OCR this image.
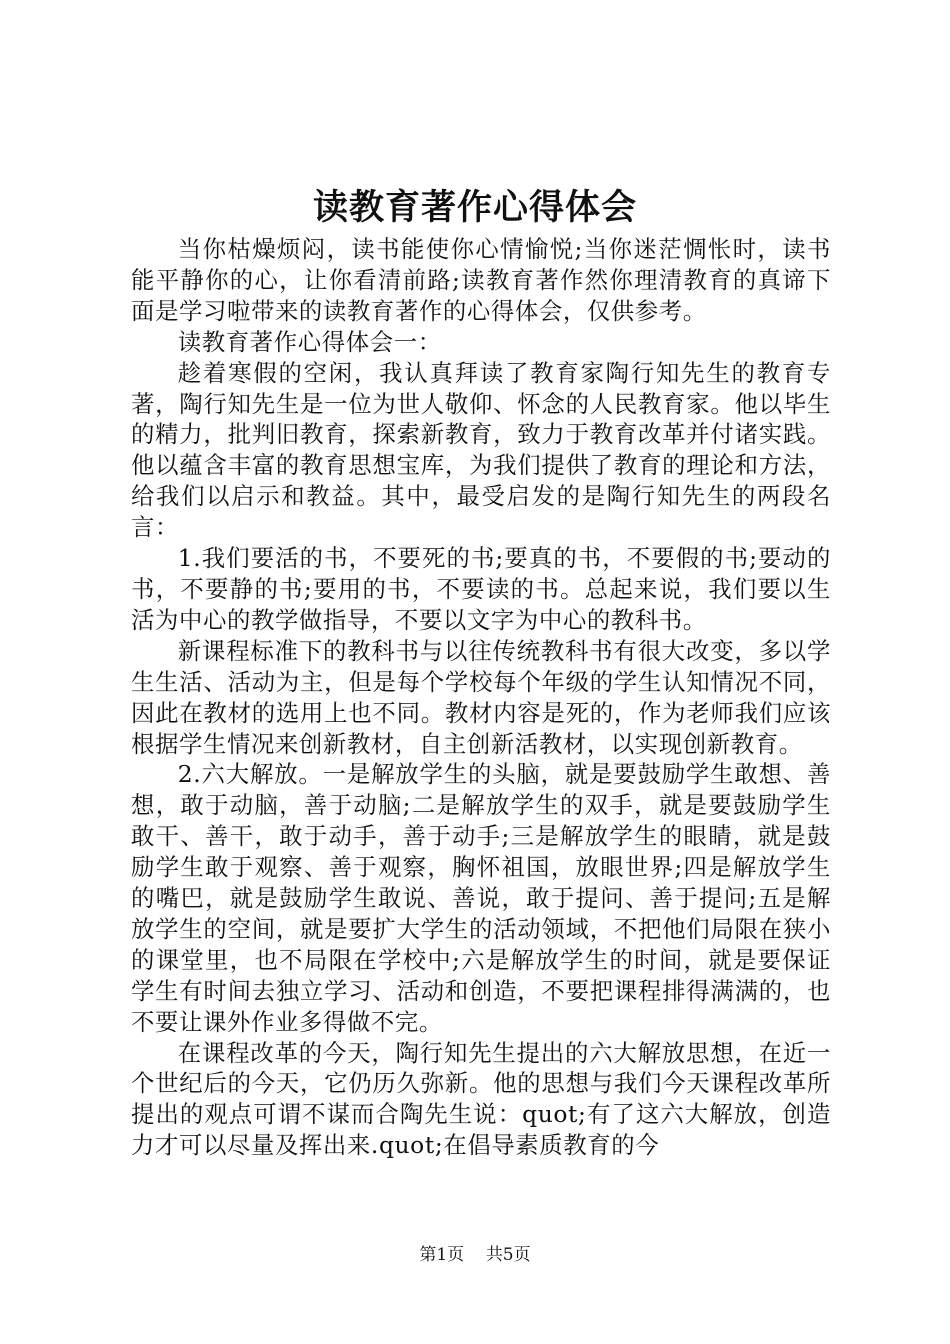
读教育著作心得体会

当你枯燥烦闷，读书能使你心情愉悦;当你迷茫惆怅时，读书能平静你的心，让你看清前路;读教育著作然你理清教育的真谛下面是学习啦带来的读教育著作的心得体会，仅供参考。

读教育著作心得体会一：

趁着寒假的空闲，我认真拜读了教育家陶行知先生的教育专著，陶行知先生是一位为世人敬仰、怀念的人民教育家。他以毕生的精力，批判旧教育，探索新教育，致力于教育改革并付诸实践。他以蕴含丰富的教育思想宝库，为我们提供了教育的理论和方法，给我们以启示和教益。其中，最受启发的是陶行知先生的两段名言：

1.我们要活的书，不要死的书;要真的书，不要假的书;要动的书，不要静的书;要用的书，不要读的书。总起来说，我们要以生活为中心的教学做指导，不要以文字为中心的教科书。

新课程标准下的教科书与以往传统教科书有很大改变，多以学生生活、活动为主，但是每个学校每个年级的学生认知情况不同，因此在教材的选用上也不同。教材内容是死的，作为老师我们应该根据学生情况来创新教材，自主创新活教材，以实现创新教育。

2.六大解放。一是解放学生的头脑，就是要鼓励学生敢想、善想，敢于动脑，善于动脑;二是解放学生的双手，就是要鼓励学生敢干、善干，敢于动手，善于动手;三是解放学生的眼睛，就是鼓励学生敢于观察、善于观察，胸怀祖国，放眼世界;四是解放学生的嘴巴，就是鼓励学生敢说、善说，敢于提问、善于提问;五是解放学生的空间，就是要扩大学生的活动领域，不把他们局限在狭小的课堂里，也不局限在学校中;六是解放学生的时间，就是要保证学生有时间去独立学习、活动和创造，不要把课程排得满满的，也不要让课外作业多得做不完。

在课程改革的今天，陶行知先生提出的六大解放思想，在近一个世纪后的今天，它仍历久弥新。他的思想与我们今天课程改革所提出的观点可谓不谋而合陶先生说：quot;有了这六大解放，创造力才可以尽量及挥出来.quot;在倡导素质教育的今

第1页 共5页
